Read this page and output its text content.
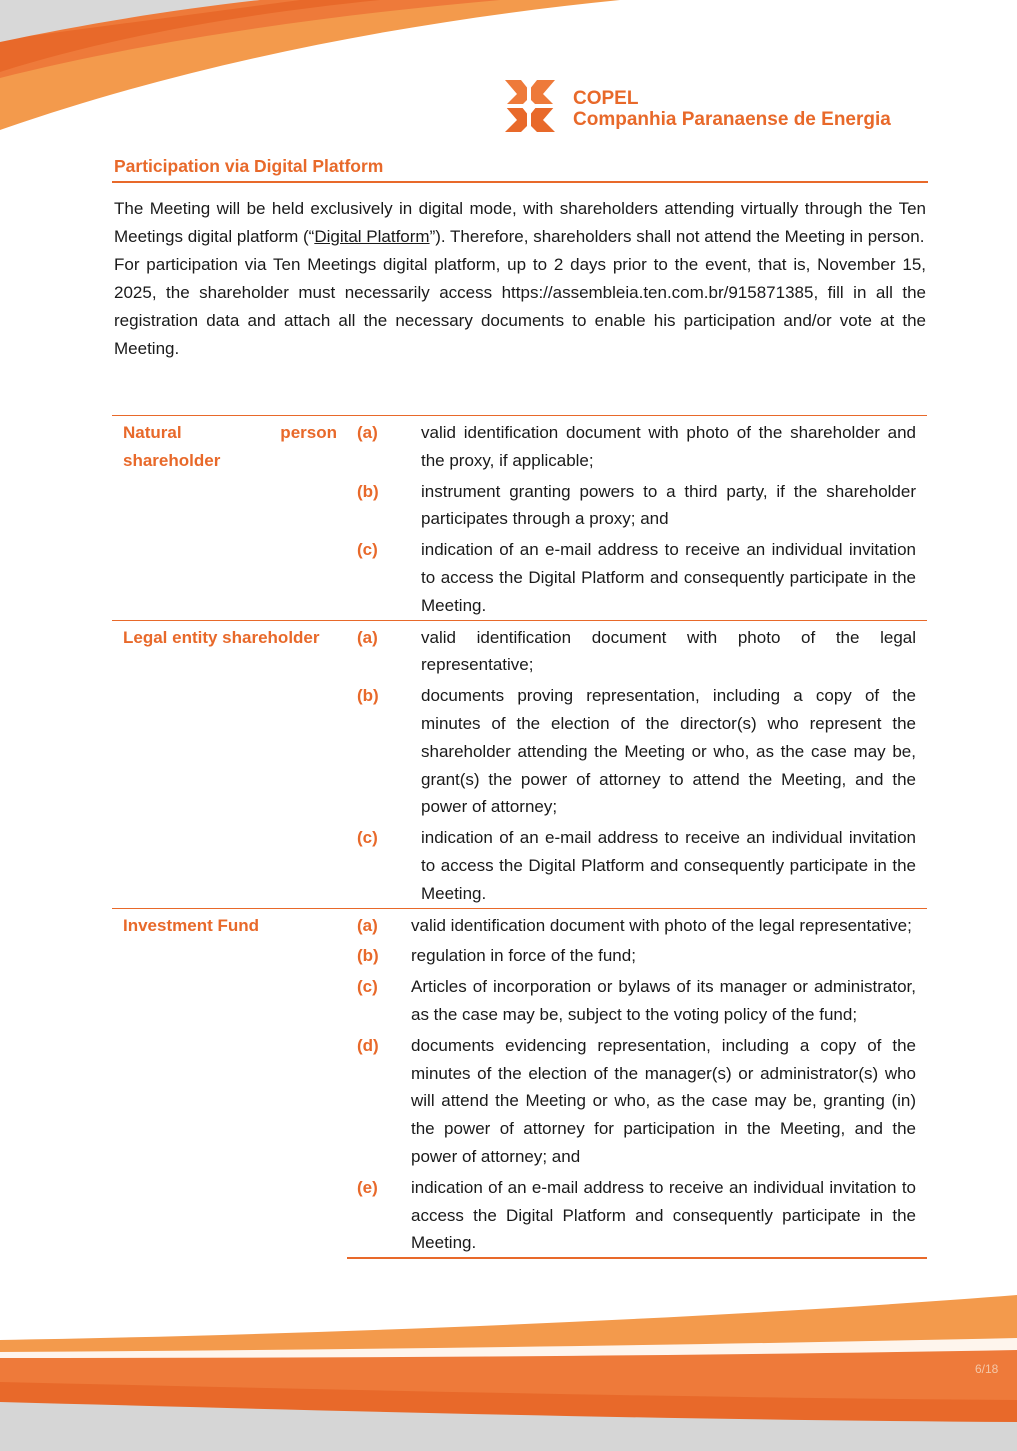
COPEL
Companhia Paranaense de Energia
Participation via Digital Platform

The Meeting will be held exclusively in digital mode, with shareholders attending virtually through the Ten Meetings digital platform (“Digital Platform”). Therefore, shareholders shall not attend the Meeting in person.

For participation via Ten Meetings digital platform, up to 2 days prior to the event, that is, November 15, 2025, the shareholder must necessarily access https://assembleia.ten.com.br/915871385, fill in all the registration data and attach all the necessary documents to enable his participation and/or vote at the Meeting.

Natural person shareholder	(a)	valid identification document with photo of the shareholder and the proxy, if applicable;
	(b)	instrument granting powers to a third party, if the shareholder participates through a proxy; and
	(c)	indication of an e-mail address to receive an individual invitation to access the Digital Platform and consequently participate in the Meeting.
Legal entity shareholder	(a)	valid identification document with photo of the legal representative;
	(b)	documents proving representation, including a copy of the minutes of the election of the director(s) who represent the shareholder attending the Meeting or who, as the case may be, grant(s) the power of attorney to attend the Meeting, and the power of attorney;
	(c)	indication of an e-mail address to receive an individual invitation to access the Digital Platform and consequently participate in the Meeting.
Investment Fund	(a)	valid identification document with photo of the legal representative;
	(b)	regulation in force of the fund;
	(c)	Articles of incorporation or bylaws of its manager or administrator, as the case may be, subject to the voting policy of the fund;
	(d)	documents evidencing representation, including a copy of the minutes of the election of the manager(s) or administrator(s) who will attend the Meeting or who, as the case may be, granting (in) the power of attorney for participation in the Meeting, and the power of attorney; and
	(e)	indication of an e-mail address to receive an individual invitation to access the Digital Platform and consequently participate in the Meeting.
6/18
